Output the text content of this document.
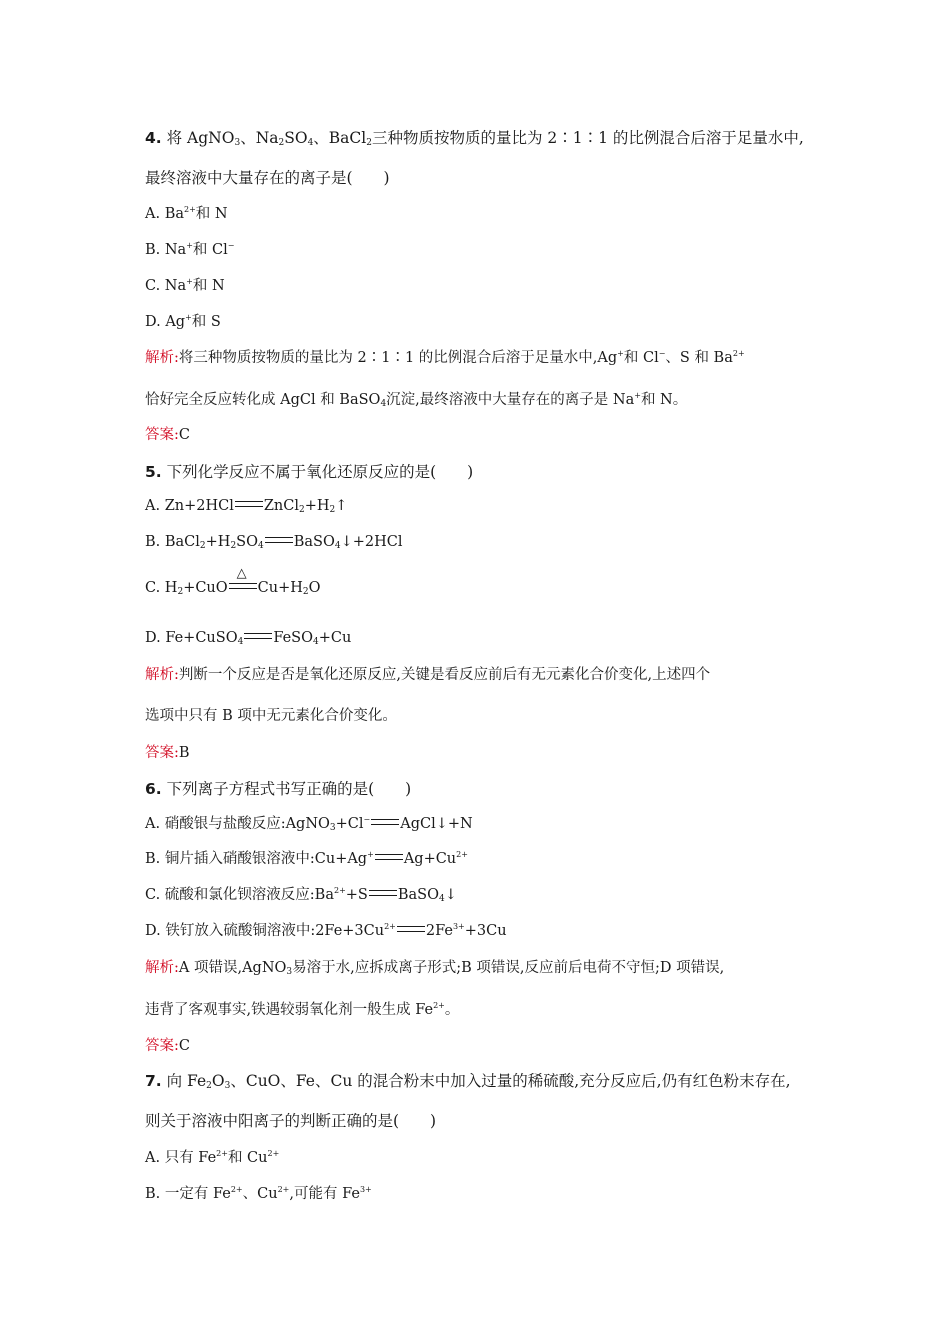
4. 将 AgNO$_3$、$Na_2SO_4$、BaCl$_2$三种物质按物质的量比为 2∶1∶1 的比例混合后溶于足量水中,
最终溶液中大量存在的离子是(　　)
A. $Ba^{2+}$和 N
B. Na+和 Cl−
C. Na+和 N
D. Ag+和 S
解析:将三种物质按物质的量比为 2∶1∶1 的比例混合后溶于足量水中,Ag+和 Cl−、S 和 $Ba^{2+}$
恰好完全反应转化成 AgCl 和 BaSO$_4$沉淀,最终溶液中大量存在的离子是 Na+和 N。
答案:C
5. 下列化学反应不属于氧化还原反应的是(　　)
A. Zn+2HCl $ZnCl_2+H_2↑$
B. $BaCl_2+H_2SO_4$ BaSO$_4$↓+2HCl
C. $H_2+CuO$
△
$Cu+H_2O$
D. Fe+CuSO$_4$ FeSO$_4$+Cu
解析:判断一个反应是否是氧化还原反应,关键是看反应前后有无元素化合价变化,上述四个
选项中只有 B 项中无元素化合价变化。
答案:B
6. 下列离子方程式书写正确的是(　　)
A. 硝酸银与盐酸反应:AgNO$_3$+Cl− AgCl↓+N
B. 铜片插入硝酸银溶液中:Cu+Ag+ $Ag+Cu^{2+}$
C. 硫酸和氯化钡溶液反应$:Ba^{2+}+S$ BaSO$_4$↓
D. 铁钉放入硫酸铜溶液中$:2Fe+3Cu^{2+}$ $2Fe^{3+}+3Cu$
解析:A 项错误,AgNO$_3$易溶于水,应拆成离子形式;B 项错误,反应前后电荷不守恒;D 项错误,
违背了客观事实,铁遇较弱氧化剂一般生成 $Fe^{2+}$。
答案:C
7. 向 $Fe_2O_3$、CuO、Fe、Cu 的混合粉末中加入过量的稀硫酸,充分反应后,仍有红色粉末存在,
则关于溶液中阳离子的判断正确的是(　　)
A. 只有 $Fe^{2+}$和 $Cu^{2+}$
B. 一定有 $Fe^{2+}$、$Cu^{2+}$,可能有 $Fe^{3+}$
